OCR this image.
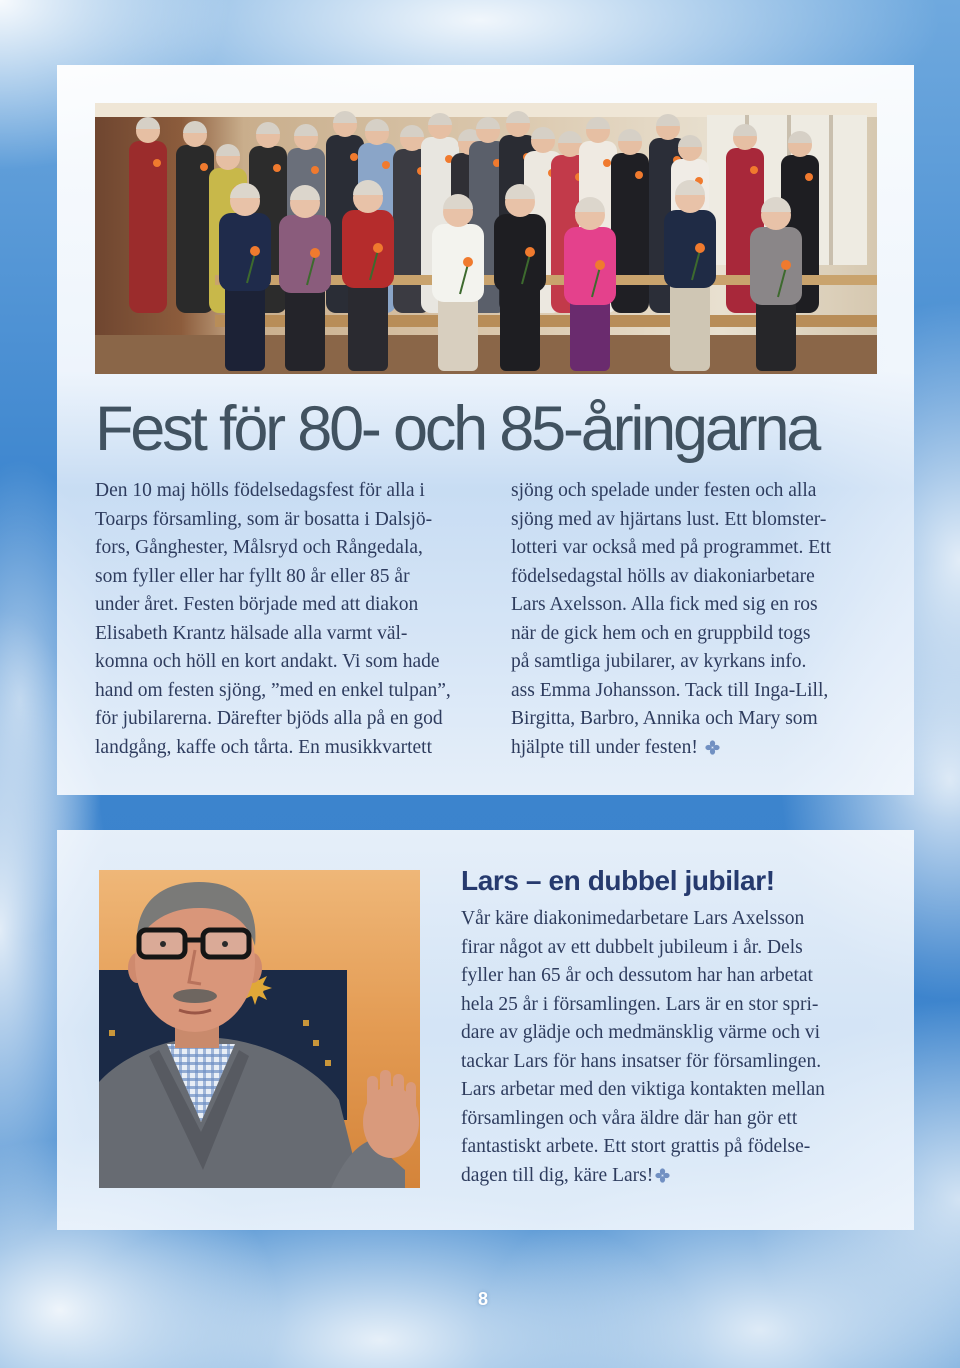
Fest för 80- och 85-åringarna
Den 10 maj hölls födelsedagsfest för alla i
Toarps församling, som är bosatta i Dalsjö-
fors, Gånghester, Målsryd och Rångedala,
som fyller eller har fyllt 80 år eller 85 år
under året. Festen började med att diakon
Elisabeth Krantz hälsade alla varmt väl-
komna och höll en kort andakt. Vi som hade
hand om festen sjöng, ”med en enkel tulpan”,
för jubilarerna. Därefter bjöds alla på en god
landgång, kaffe och tårta. En musikkvartett
sjöng och spelade under festen och alla
sjöng med av hjärtans lust. Ett blomster-
lotteri var också med på programmet. Ett
födelsedagstal hölls av diakoniarbetare
Lars Axelsson. Alla fick med sig en ros
när de gick hem och en gruppbild togs
på samtliga jubilarer, av kyrkans info.
ass Emma Johansson. Tack till Inga-Lill,
Birgitta, Barbro, Annika och Mary som
hjälpte till under festen!
Lars – en dubbel jubilar!
Vår käre diakonimedarbetare Lars Axelsson
firar något av ett dubbelt jubileum i år. Dels
fyller han 65 år och dessutom har han arbetat
hela 25 år i församlingen. Lars är en stor spri-
dare av glädje och medmänsklig värme och vi
tackar Lars för hans insatser för församlingen.
Lars arbetar med den viktiga kontakten mellan
församlingen och våra äldre där han gör ett
fantastiskt arbete. Ett stort grattis på födelse-
dagen till dig, käre Lars!
8
